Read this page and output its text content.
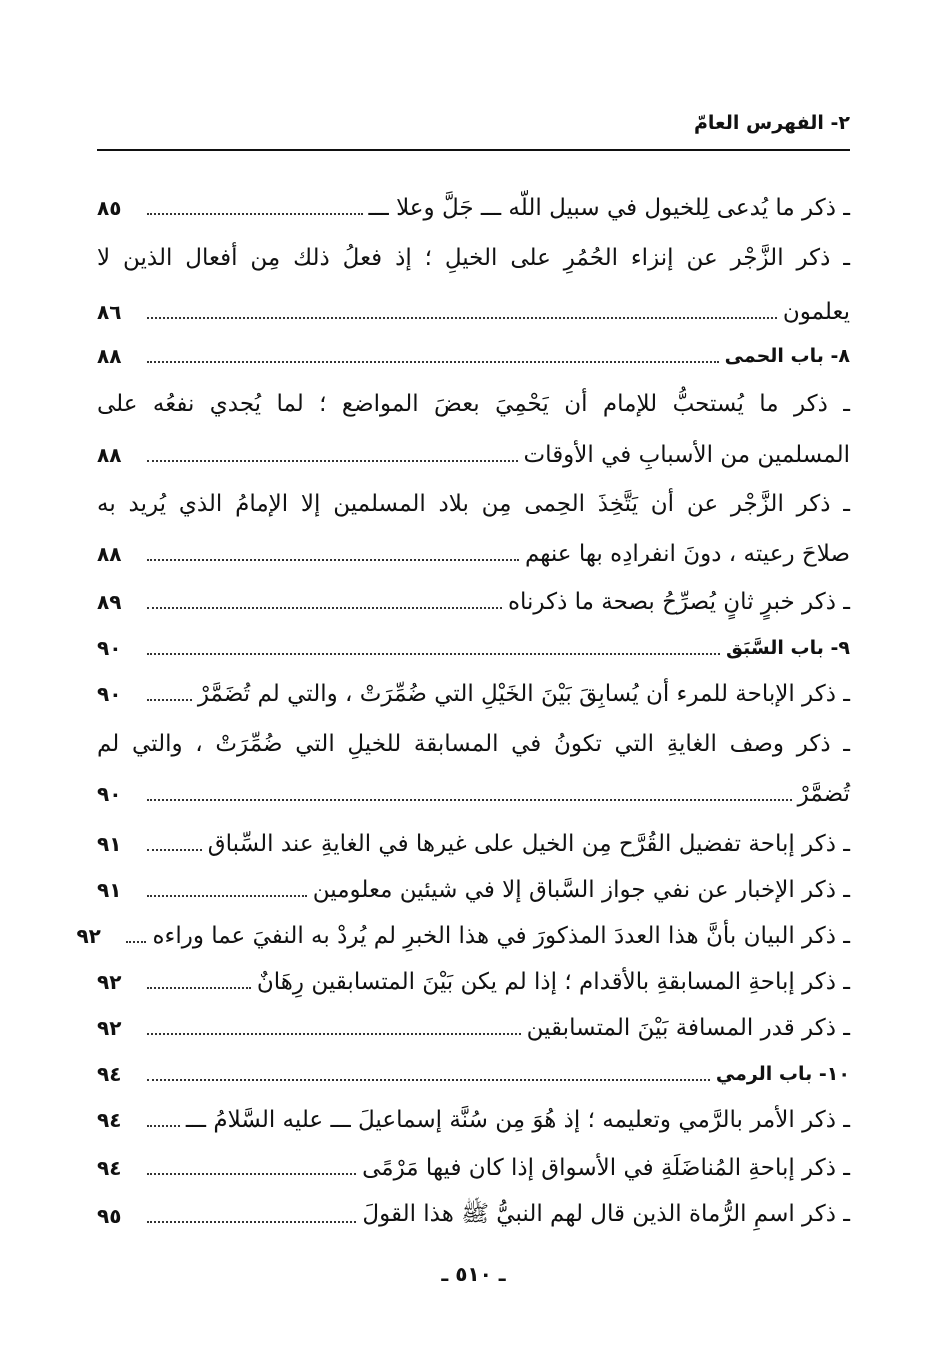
٢- الفهرس العامّ
ـ ذكر ما يُدعى لِلخيول في سبيل اللّه ـــ جَلَّ وعلا ـــ
٨٥
ـ ذكر الزَّجْر عن إنزاء الحُمُرِ على الخيلِ ؛ إذ فعلُ ذلك مِن أفعال الذين لا
يعلمون
٨٦
٨- باب الحمى
٨٨
ـ ذكر ما يُستحبُّ للإمام أن يَحْمِيَ بعضَ المواضع ؛ لما يُجدي نفعُه على
المسلمين من الأسبابِ في الأوقات
٨٨
ـ ذكر الزَّجْر عن أن يَتَّخِذَ الحِمى مِن بلاد المسلمين إلا الإمامُ الذي يُريد به
صلاحَ رعيته ، دونَ انفرادِه بها عنهم
٨٨
ـ ذكر خبرٍ ثانٍ يُصرِّحُ بصحة ما ذكرناه
٨٩
٩- باب السَّبَق
٩٠
ـ ذكر الإباحة للمرء أن يُسابِقَ بَيْنَ الخَيْلِ التي ضُمِّرَتْ ، والتي لم تُضَمَّرْ
٩٠
ـ ذكر وصف الغايةِ التي تكونُ في المسابقة للخيلِ التي ضُمِّرَتْ ، والتي لم
تُضمَّرْ
٩٠
ـ ذكر إباحة تفضيل القُرَّح مِن الخيل على غيرها في الغايةِ عند السِّباق
٩١
ـ ذكر الإخبار عن نفي جواز السَّباق إلا في شيئين معلومين
٩١
ـ ذكر البيان بأنَّ هذا العددَ المذكورَ في هذا الخبرِ لم يُردْ به النفيَ عما وراءه
٩٢
ـ ذكر إباحةِ المسابقةِ بالأقدام ؛ إذا لم يكن بَيْنَ المتسابقين رِهَانٌ
٩٢
ـ ذكر قدر المسافة بَيْنَ المتسابقين
٩٢
١٠- باب الرمي
٩٤
ـ ذكر الأمر بالرَّمي وتعليمه ؛ إذ هُوَ مِن سُنَّة إسماعيلَ ـــ عليه السَّلامُ ـــ
٩٤
ـ ذكر إباحةِ المُناضَلَةِ في الأسواق إذا كان فيها مَرْمًى
٩٤
ـ ذكر اسمِ الرُّماة الذين قال لهم النبيُّ ﷺ هذا القولَ
٩٥
ـ ٥١٠ ـ
